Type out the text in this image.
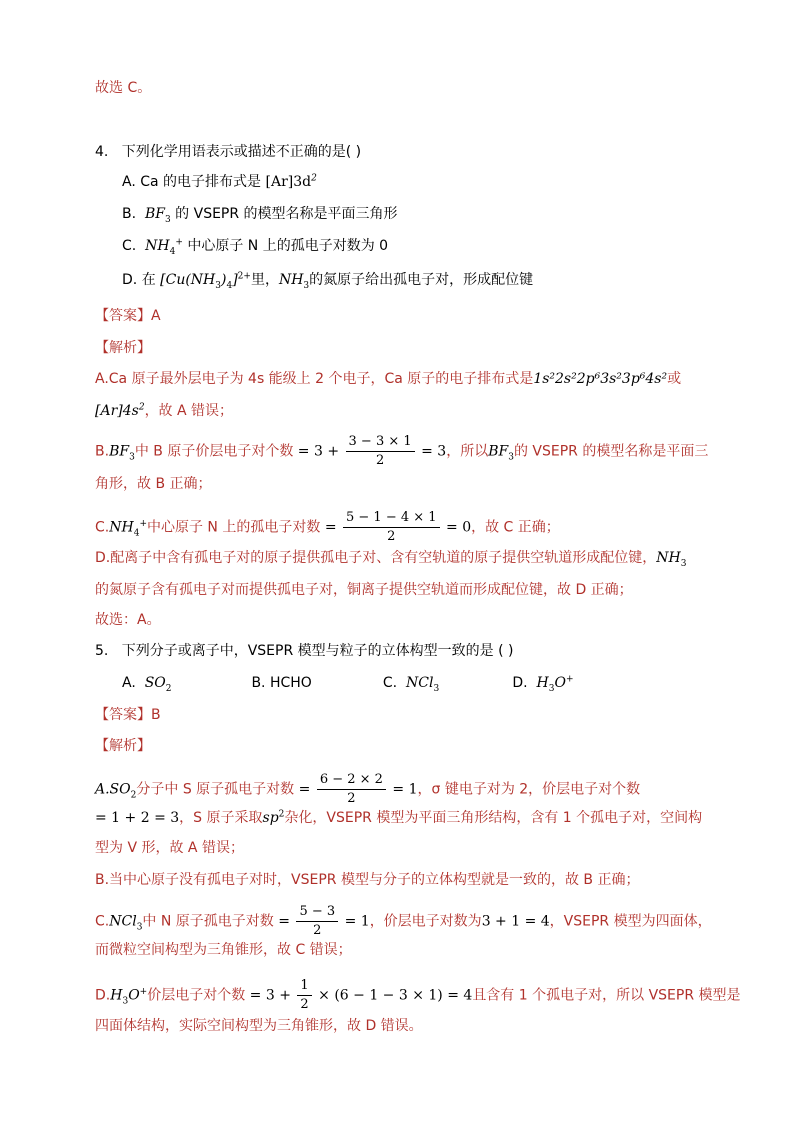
故选 C。
4. 下列化学用语表示或描述不正确的是( )
A. Ca 的电子排布式是 $[Ar]3d^2$
B. $BF_3$ 的 VSEPR 的模型名称是平面三角形
C. $NH_4^+$ 中心原子 N 上的孤电子对数为 0
D. 在 $[Cu(NH_3)_4]^{2+}$里，$NH_3$的氮原子给出孤电子对，形成配位键
【答案】A
【解析】
A.Ca 原子最外层电子为 4s 能级上 2 个电子，Ca 原子的电子排布式是1s²2s²2p⁶3s²3p⁶4s²或
$[Ar]4s^2$，故 A 错误；
$B.BF_3$中 B 原子价层电子对个数 = $3 + \frac{3 - 3 \times 1}{2} = 3$，所以$BF_3$的 VSEPR 的模型名称是平面三
角形，故 B 正确；
$C.NH_4^+$中心原子 N 上的孤电子对数 = $\frac{5 - 1 - 4 \times 1}{2} = 0$，故 C 正确；
D.配离子中含有孤电子对的原子提供孤电子对、含有空轨道的原子提供空轨道形成配位键，$NH_3$
的氮原子含有孤电子对而提供孤电子对，铜离子提供空轨道而形成配位键，故 D 正确；
故选：A。
5. 下列分子或离子中，VSEPR 模型与粒子的立体构型一致的是 ( )
A. $SO_2$	B. HCHO	C. NCl$_3$	D. $H_3O^+$
【答案】B
【解析】
$A.SO_2$分子中 S 原子孤电子对数 = $\frac{6 - 2 \times 2}{2} = 1$，σ 键电子对为 2，价层电子对个数
= 1 + 2 = 3，S 原子采取$sp^2$杂化，VSEPR 模型为平面三角形结构，含有 1 个孤电子对，空间构
型为 V 形，故 A 错误；
B.当中心原子没有孤电子对时，VSEPR 模型与分子的立体构型就是一致的，故 B 正确；
C.NCl$_3$中 N 原子孤电子对数 = $\frac{5 - 3}{2} = 1$，价层电子对数为3 + 1 = 4，VSEPR 模型为四面体，
而微粒空间构型为三角锥形，故 C 错误；
$D.H_3O^+$价层电子对个数 = $3 + \frac{1}{2} \times (6 - 1 - 3 \times 1) = 4$且含有 1 个孤电子对，所以 VSEPR 模型是
四面体结构，实际空间构型为三角锥形，故 D 错误。
